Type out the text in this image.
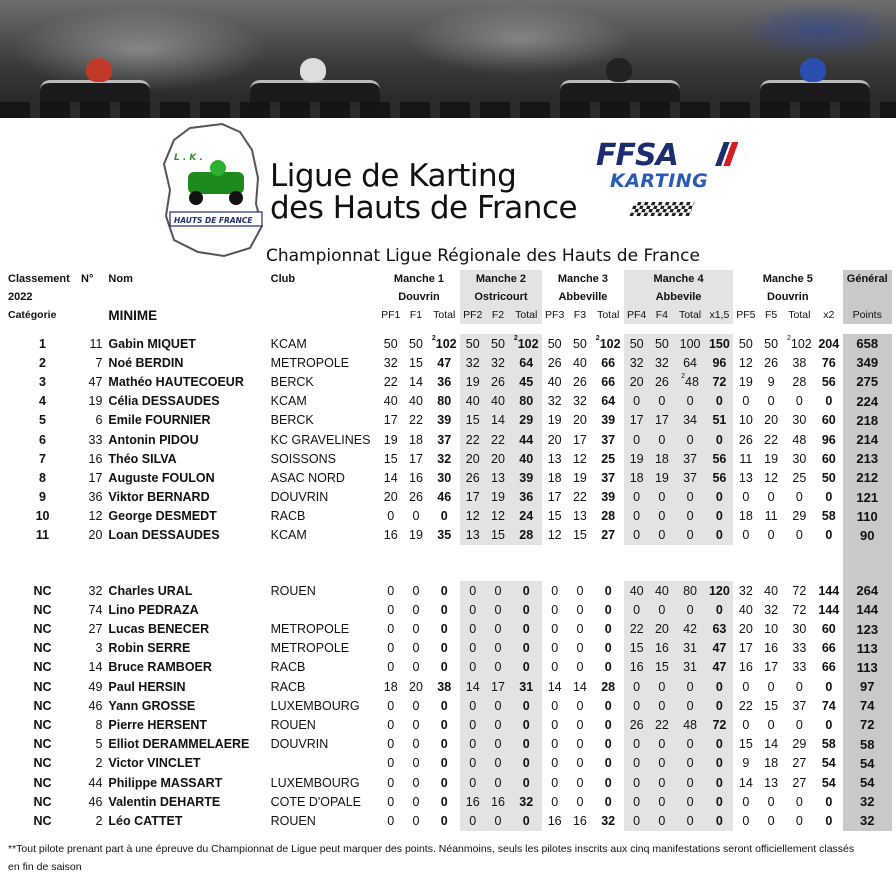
L . K .
HAUTS DE FRANCE
Ligue de Karting
des Hauts de France
FFSA
KARTING
Championnat Ligue Régionale des Hauts de France
Classement	N°	Nom	Club	Manche 1			Manche 2			Manche 3			Manche 4				Manche 5				Général
2022				Douvrin			Ostricourt			Abbeville			Abbevile				Douvrin				
Catégorie		MINIME		PF1	F1	Total	PF2	F2	Total	PF3	F3	Total	PF4	F4	Total	x1,5	PF5	F5	Total	x2	Points

1	11	Gabin MIQUET	KCAM	50	50	$^2$102	50	50	$^2$102	50	50	$^2$102	50	50	100	150	50	50	$^2$102	204	658
2	7	Noé BERDIN	METROPOLE	32	15	47	32	32	64	26	40	66	32	32	64	96	12	26	38	76	349
3	47	Mathéo HAUTECOEUR	BERCK	22	14	36	19	26	45	40	26	66	20	26	$^2$48	72	19	9	28	56	275
4	19	Célia DESSAUDES	KCAM	40	40	80	40	40	80	32	32	64	0	0	0	0	0	0	0	0	224
5	6	Emile FOURNIER	BERCK	17	22	39	15	14	29	19	20	39	17	17	34	51	10	20	30	60	218
6	33	Antonin PIDOU	KC GRAVELINES	19	18	37	22	22	44	20	17	37	0	0	0	0	26	22	48	96	214
7	16	Théo SILVA	SOISSONS	15	17	32	20	20	40	13	12	25	19	18	37	56	11	19	30	60	213
8	17	Auguste FOULON	ASAC NORD	14	16	30	26	13	39	18	19	37	18	19	37	56	13	12	25	50	212
9	36	Viktor BERNARD	DOUVRIN	20	26	46	17	19	36	17	22	39	0	0	0	0	0	0	0	0	121
10	12	George DESMEDT	RACB	0	0	0	12	12	24	15	13	28	0	0	0	0	18	11	29	58	110
11	20	Loan DESSAUDES	KCAM	16	19	35	13	15	28	12	15	27	0	0	0	0	0	0	0	0	90

NC	32	Charles URAL	ROUEN	0	0	0	0	0	0	0	0	0	40	40	80	120	32	40	72	144	264
NC	74	Lino PEDRAZA		0	0	0	0	0	0	0	0	0	0	0	0	0	40	32	72	144	144
NC	27	Lucas BENECER	METROPOLE	0	0	0	0	0	0	0	0	0	22	20	42	63	20	10	30	60	123
NC	3	Robin SERRE	METROPOLE	0	0	0	0	0	0	0	0	0	15	16	31	47	17	16	33	66	113
NC	14	Bruce RAMBOER	RACB	0	0	0	0	0	0	0	0	0	16	15	31	47	16	17	33	66	113
NC	49	Paul HERSIN	RACB	18	20	38	14	17	31	14	14	28	0	0	0	0	0	0	0	0	97
NC	46	Yann GROSSE	LUXEMBOURG	0	0	0	0	0	0	0	0	0	0	0	0	0	22	15	37	74	74
NC	8	Pierre HERSENT	ROUEN	0	0	0	0	0	0	0	0	0	26	22	48	72	0	0	0	0	72
NC	5	Elliot DERAMMELAERE	DOUVRIN	0	0	0	0	0	0	0	0	0	0	0	0	0	15	14	29	58	58
NC	2	Victor VINCLET		0	0	0	0	0	0	0	0	0	0	0	0	0	9	18	27	54	54
NC	44	Philippe MASSART	LUXEMBOURG	0	0	0	0	0	0	0	0	0	0	0	0	0	14	13	27	54	54
NC	46	Valentin DEHARTE	COTE D'OPALE	0	0	0	16	16	32	0	0	0	0	0	0	0	0	0	0	0	32
NC	2	Léo CATTET	ROUEN	0	0	0	0	0	0	16	16	32	0	0	0	0	0	0	0	0	32
**Tout pilote prenant part à une épreuve du Championnat de Ligue peut marquer des points. Néanmoins, seuls les pilotes inscrits aux cinq manifestations seront officiellement classés
en fin de saison
